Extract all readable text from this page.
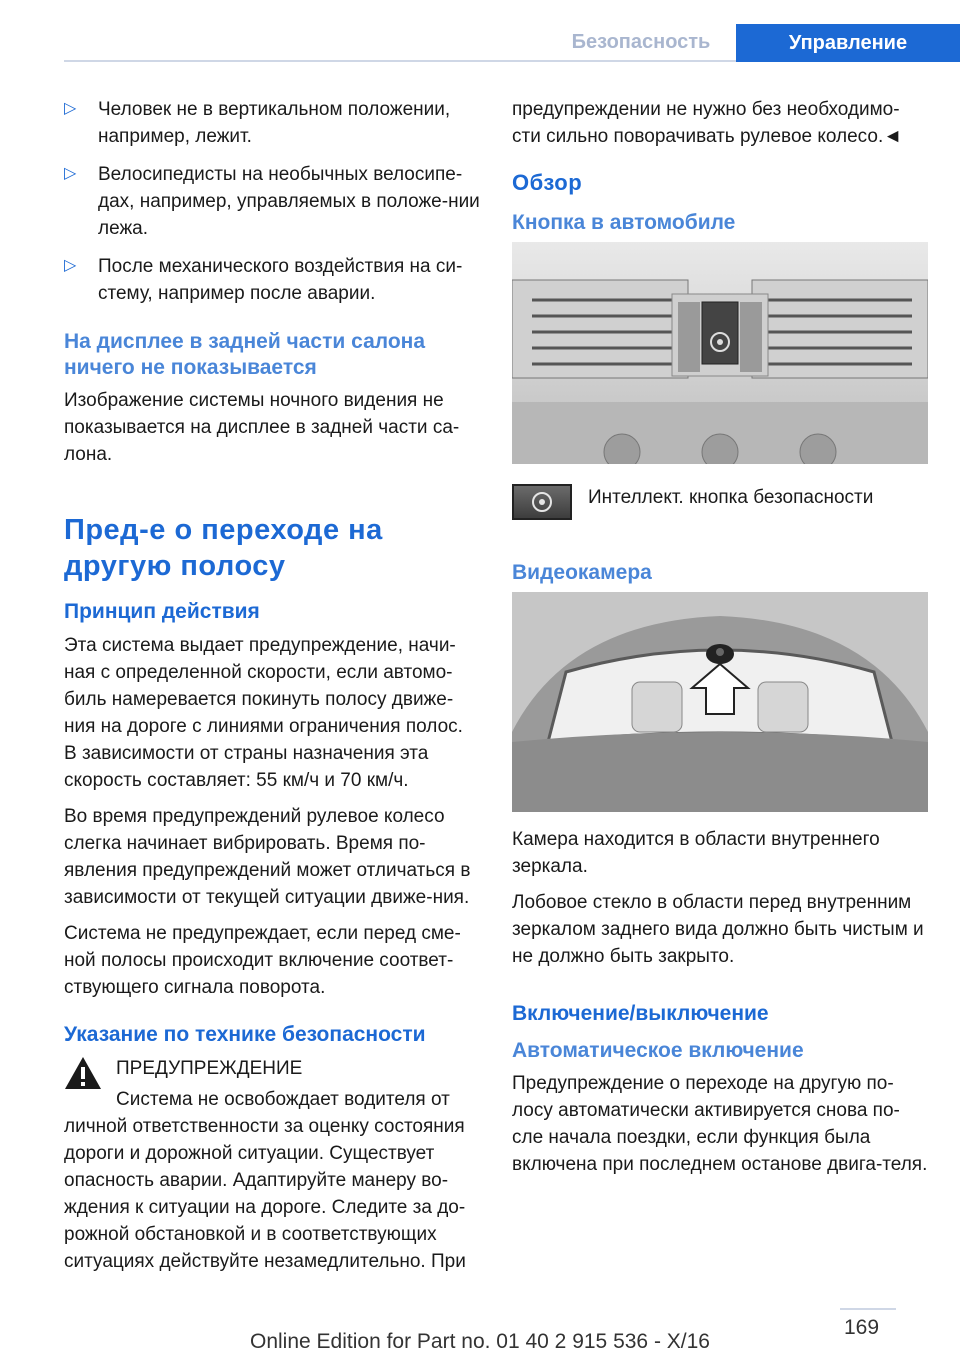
Безопасность	Управление
▷ Человек не в вертикальном положении, например, лежит.

▷ Велосипедисты на необычных велосипе-дах, например, управляемых в положе-нии лежа.

▷ После механического воздействия на си-стему, например после аварии.

На дисплее в задней части салона ничего не показывается

Изображение системы ночного видения не показывается на дисплее в задней части са-лона.

Пред-е о переходе на другую полосу
Принцип действия

Эта система выдает предупреждение, начи-ная с определенной скорости, если автомо-биль намеревается покинуть полосу движе-ния на дороге с линиями ограничения полос. В зависимости от страны назначения эта скорость составляет: 55 км/ч и 70 км/ч.

Во время предупреждений рулевое колесо слегка начинает вибрировать. Время по-явления предупреждений может отличаться в зависимости от текущей ситуации движе-ния.

Система не предупреждает, если перед сме-ной полосы происходит включение соответ-ствующего сигнала поворота.

Указание по технике безопасности

ПРЕДУПРЕЖДЕНИЕ

Система не освобождает водителя от

личной ответственности за оценку состояния дороги и дорожной ситуации. Существует опасность аварии. Адаптируйте манеру во-ждения к ситуации на дороге. Следите за до-рожной обстановкой и в соответствующих ситуациях действуйте незамедлительно. При

предупреждении не нужно без необходимо-сти сильно поворачивать рулевое колесо.◄

Обзор
Кнопка в автомобиле

Интеллект. кнопка безопасности

Видеокамера

Камера находится в области внутреннего зеркала.

Лобовое стекло в области перед внутренним зеркалом заднего вида должно быть чистым и не должно быть закрыто.

Включение/выключение
Автоматическое включение

Предупреждение о переходе на другую по-лосу автоматически активируется снова по-сле начала поездки, если функция была включена при последнем останове двига-теля.

169
Online Edition for Part no. 01 40 2 915 536 - X/16
